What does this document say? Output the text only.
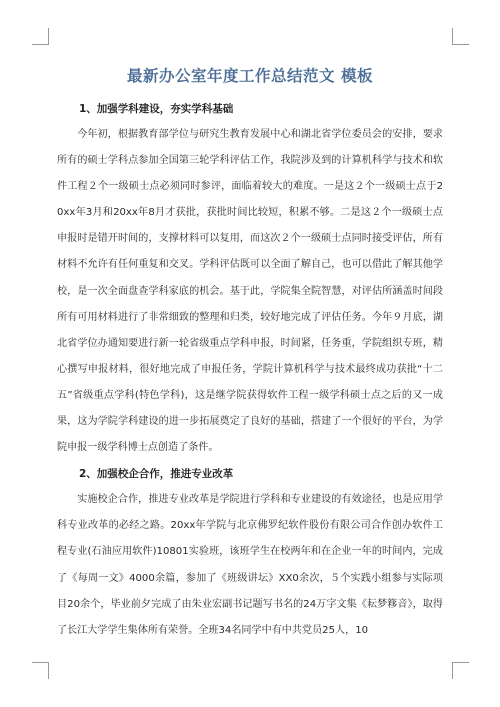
最新办公室年度工作总结范文 模板

1、加强学科建设，夯实学科基础

今年初，根据教育部学位与研究生教育发展中心和湖北省学位委员会的安排，要求所有的硕士学科点参加全国第三轮学科评估工作，我院涉及到的计算机科学与技术和软件工程２个一级硕士点必须同时参评，面临着较大的难度。一是这２个一级硕士点于20xx年3月和20xx年8月才获批，获批时间比较短，积累不够。二是这２个一级硕士点申报时是错开时间的，支撑材料可以复用，而这次２个一级硕士点同时接受评估，所有材料不允许有任何重复和交叉。学科评估既可以全面了解自己，也可以借此了解其他学校，是一次全面盘查学科家底的机会。基于此，学院集全院智慧，对评估所涵盖时间段所有可用材料进行了非常细致的整理和归类，较好地完成了评估任务。今年９月底，湖北省学位办通知要进行新一轮省级重点学科申报，时间紧，任务重，学院组织专班，精心撰写申报材料，很好地完成了申报任务，学院计算机科学与技术最终成功获批“十二五”省级重点学科(特色学科)，这是继学院获得软件工程一级学科硕士点之后的又一成果，这为学院学科建设的进一步拓展奠定了良好的基础，搭建了一个很好的平台，为学院申报一级学科博士点创造了条件。

2、加强校企合作，推进专业改革

实施校企合作，推进专业改革是学院进行学科和专业建设的有效途径，也是应用学科专业改革的必经之路。20xx年学院与北京佛罗纪软件股份有限公司合作创办软件工程专业(石油应用软件)10801实验班，该班学生在校两年和在企业一年的时间内，完成了《每周一文》4000余篇，参加了《班级讲坛》XX0余次，５个实践小组参与实际项目20余个，毕业前夕完成了由朱业宏副书记题写书名的24万字文集《耘梦簃音》，取得了长江大学学生集体所有荣誉。全班34名同学中有中共党员25人，10
